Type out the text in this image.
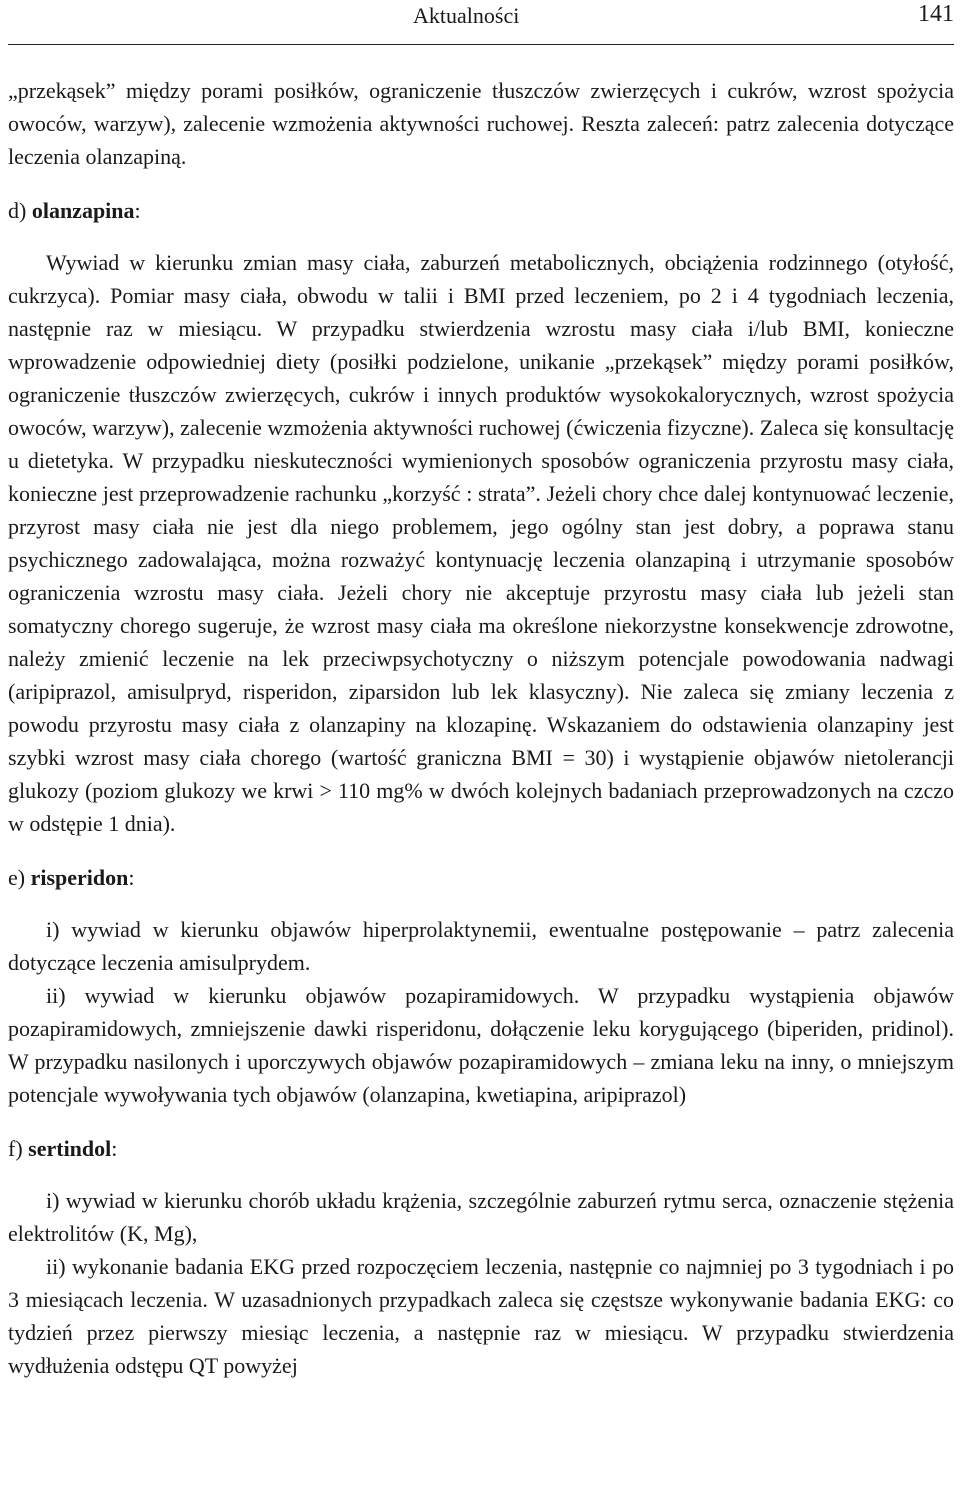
Aktualności	141

„przekąsek” między porami posiłków, ograniczenie tłuszczów zwierzęcych i cukrów, wzrost spożycia owoców, warzyw), zalecenie wzmożenia aktywności ruchowej. Reszta zaleceń: patrz zalecenia dotyczące leczenia olanzapiną.

d) olanzapina:

Wywiad w kierunku zmian masy ciała, zaburzeń metabolicznych, obciążenia rodzinnego (otyłość, cukrzyca). Pomiar masy ciała, obwodu w talii i BMI przed leczeniem, po 2 i 4 tygodniach leczenia, następnie raz w miesiącu. W przypadku stwierdzenia wzrostu masy ciała i/lub BMI, konieczne wprowadzenie odpowiedniej diety (posiłki podzielone, unikanie „przekąsek” między porami posiłków, ograniczenie tłuszczów zwierzęcych, cukrów i innych produktów wysokokalorycznych, wzrost spożycia owoców, warzyw), zalecenie wzmożenia aktywności ruchowej (ćwiczenia fizyczne). Zaleca się konsultację u dietetyka. W przypadku nieskuteczności wymienionych sposobów ograniczenia przyrostu masy ciała, konieczne jest przeprowadzenie rachunku „korzyść : strata”. Jeżeli chory chce dalej kontynuować leczenie, przyrost masy ciała nie jest dla niego problemem, jego ogólny stan jest dobry, a poprawa stanu psychicznego zadowalająca, można rozważyć kontynuację leczenia olanzapiną i utrzymanie sposobów ograniczenia wzrostu masy ciała. Jeżeli chory nie akceptuje przyrostu masy ciała lub jeżeli stan somatyczny chorego sugeruje, że wzrost masy ciała ma określone niekorzystne konsekwencje zdrowotne, należy zmienić leczenie na lek przeciwpsychotyczny o niższym potencjale powodowania nadwagi (aripiprazol, amisulpryd, risperidon, ziparsidon lub lek klasyczny). Nie zaleca się zmiany leczenia z powodu przyrostu masy ciała z olanzapiny na klozapinę. Wskazaniem do odstawienia olanzapiny jest szybki wzrost masy ciała chorego (wartość graniczna BMI = 30) i wystąpienie objawów nietolerancji glukozy (poziom glukozy we krwi > 110 mg% w dwóch kolejnych badaniach przeprowadzonych na czczo w odstępie 1 dnia).

e) risperidon:

i) wywiad w kierunku objawów hiperprolaktynemii, ewentualne postępowanie – patrz zalecenia dotyczące leczenia amisulprydem.

ii) wywiad w kierunku objawów pozapiramidowych. W przypadku wystąpienia objawów pozapiramidowych, zmniejszenie dawki risperidonu, dołączenie leku korygującego (biperiden, pridinol). W przypadku nasilonych i uporczywych objawów pozapiramidowych – zmiana leku na inny, o mniejszym potencjale wywoływania tych objawów (olanzapina, kwetiapina, aripiprazol)

f) sertindol:

i) wywiad w kierunku chorób układu krążenia, szczególnie zaburzeń rytmu serca, oznaczenie stężenia elektrolitów (K, Mg),

ii) wykonanie badania EKG przed rozpoczęciem leczenia, następnie co najmniej po 3 tygodniach i po 3 miesiącach leczenia. W uzasadnionych przypadkach zaleca się częstsze wykonywanie badania EKG: co tydzień przez pierwszy miesiąc leczenia, a następnie raz w miesiącu. W przypadku stwierdzenia wydłużenia odstępu QT powyżej
